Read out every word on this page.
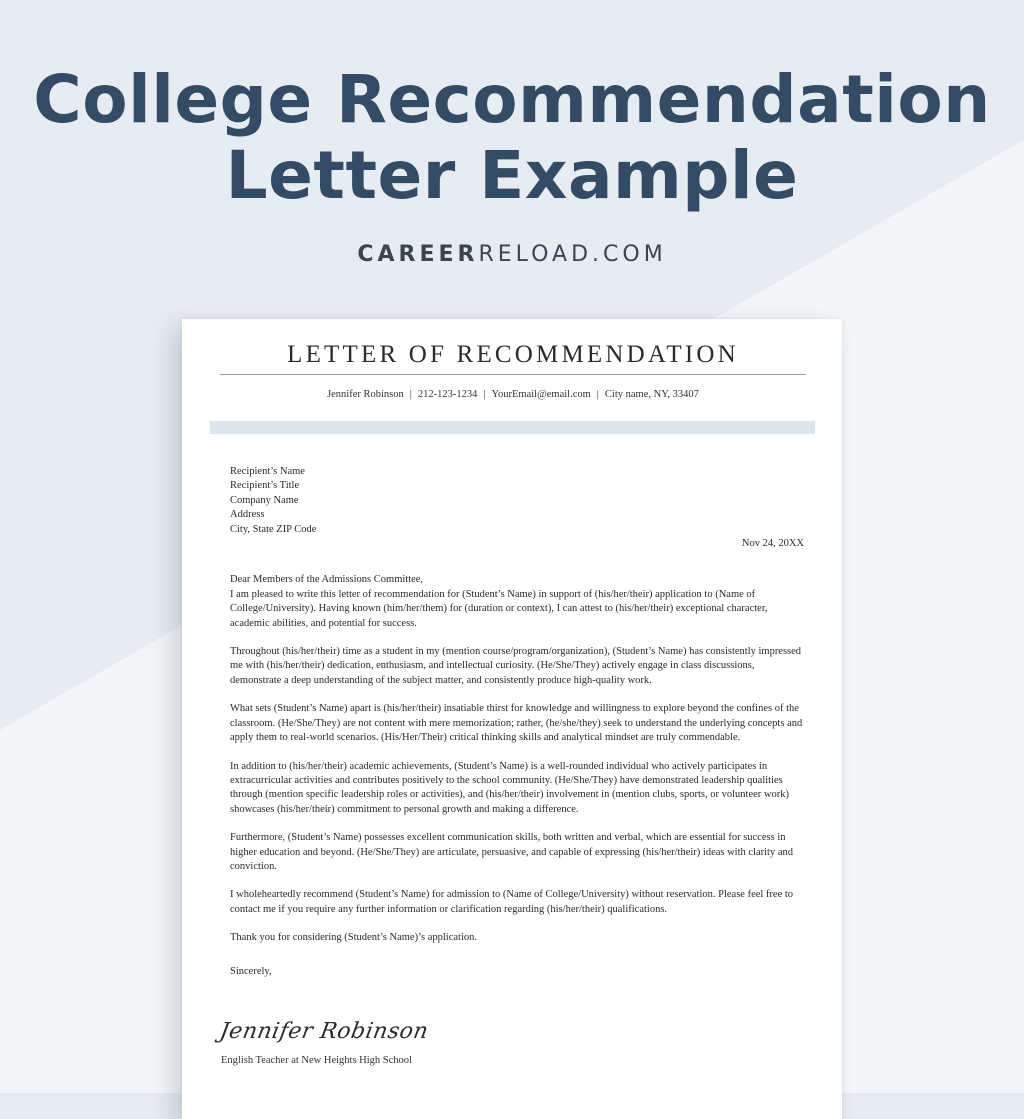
College Recommendation
Letter Example
CAREERRELOAD.COM
LETTER OF RECOMMENDATION
Jennifer Robinson | 212-123-1234 | YourEmail@email.com | City name, NY, 33407
Recipient’s Name
Recipient’s Title
Company Name
Address
City, State ZIP Code
Nov 24, 20XX
Dear Members of the Admissions Committee,

I am pleased to write this letter of recommendation for (Student’s Name) in support of (his/her/their) application to (Name of College/University). Having known (him/her/them) for (duration or context), I can attest to (his/her/their) exceptional character, academic abilities, and potential for success.

Throughout (his/her/their) time as a student in my (mention course/program/organization), (Student’s Name) has consistently impressed me with (his/her/their) dedication, enthusiasm, and intellectual curiosity. (He/She/They) actively engage in class discussions, demonstrate a deep understanding of the subject matter, and consistently produce high-quality work.

What sets (Student’s Name) apart is (his/her/their) insatiable thirst for knowledge and willingness to explore beyond the confines of the classroom. (He/She/They) are not content with mere memorization; rather, (he/she/they) seek to understand the underlying concepts and apply them to real-world scenarios. (His/Her/Their) critical thinking skills and analytical mindset are truly commendable.

In addition to (his/her/their) academic achievements, (Student’s Name) is a well-rounded individual who actively participates in extracurricular activities and contributes positively to the school community. (He/She/They) have demonstrated leadership qualities through (mention specific leadership roles or activities), and (his/her/their) involvement in (mention clubs, sports, or volunteer work) showcases (his/her/their) commitment to personal growth and making a difference.

Furthermore, (Student’s Name) possesses excellent communication skills, both written and verbal, which are essential for success in higher education and beyond. (He/She/They) are articulate, persuasive, and capable of expressing (his/her/their) ideas with clarity and conviction.

I wholeheartedly recommend (Student’s Name) for admission to (Name of College/University) without reservation. Please feel free to contact me if you require any further information or clarification regarding (his/her/their) qualifications.

Thank you for considering (Student’s Name)’s application.

Sincerely,
Jennifer Robinson
English Teacher at New Heights High School
